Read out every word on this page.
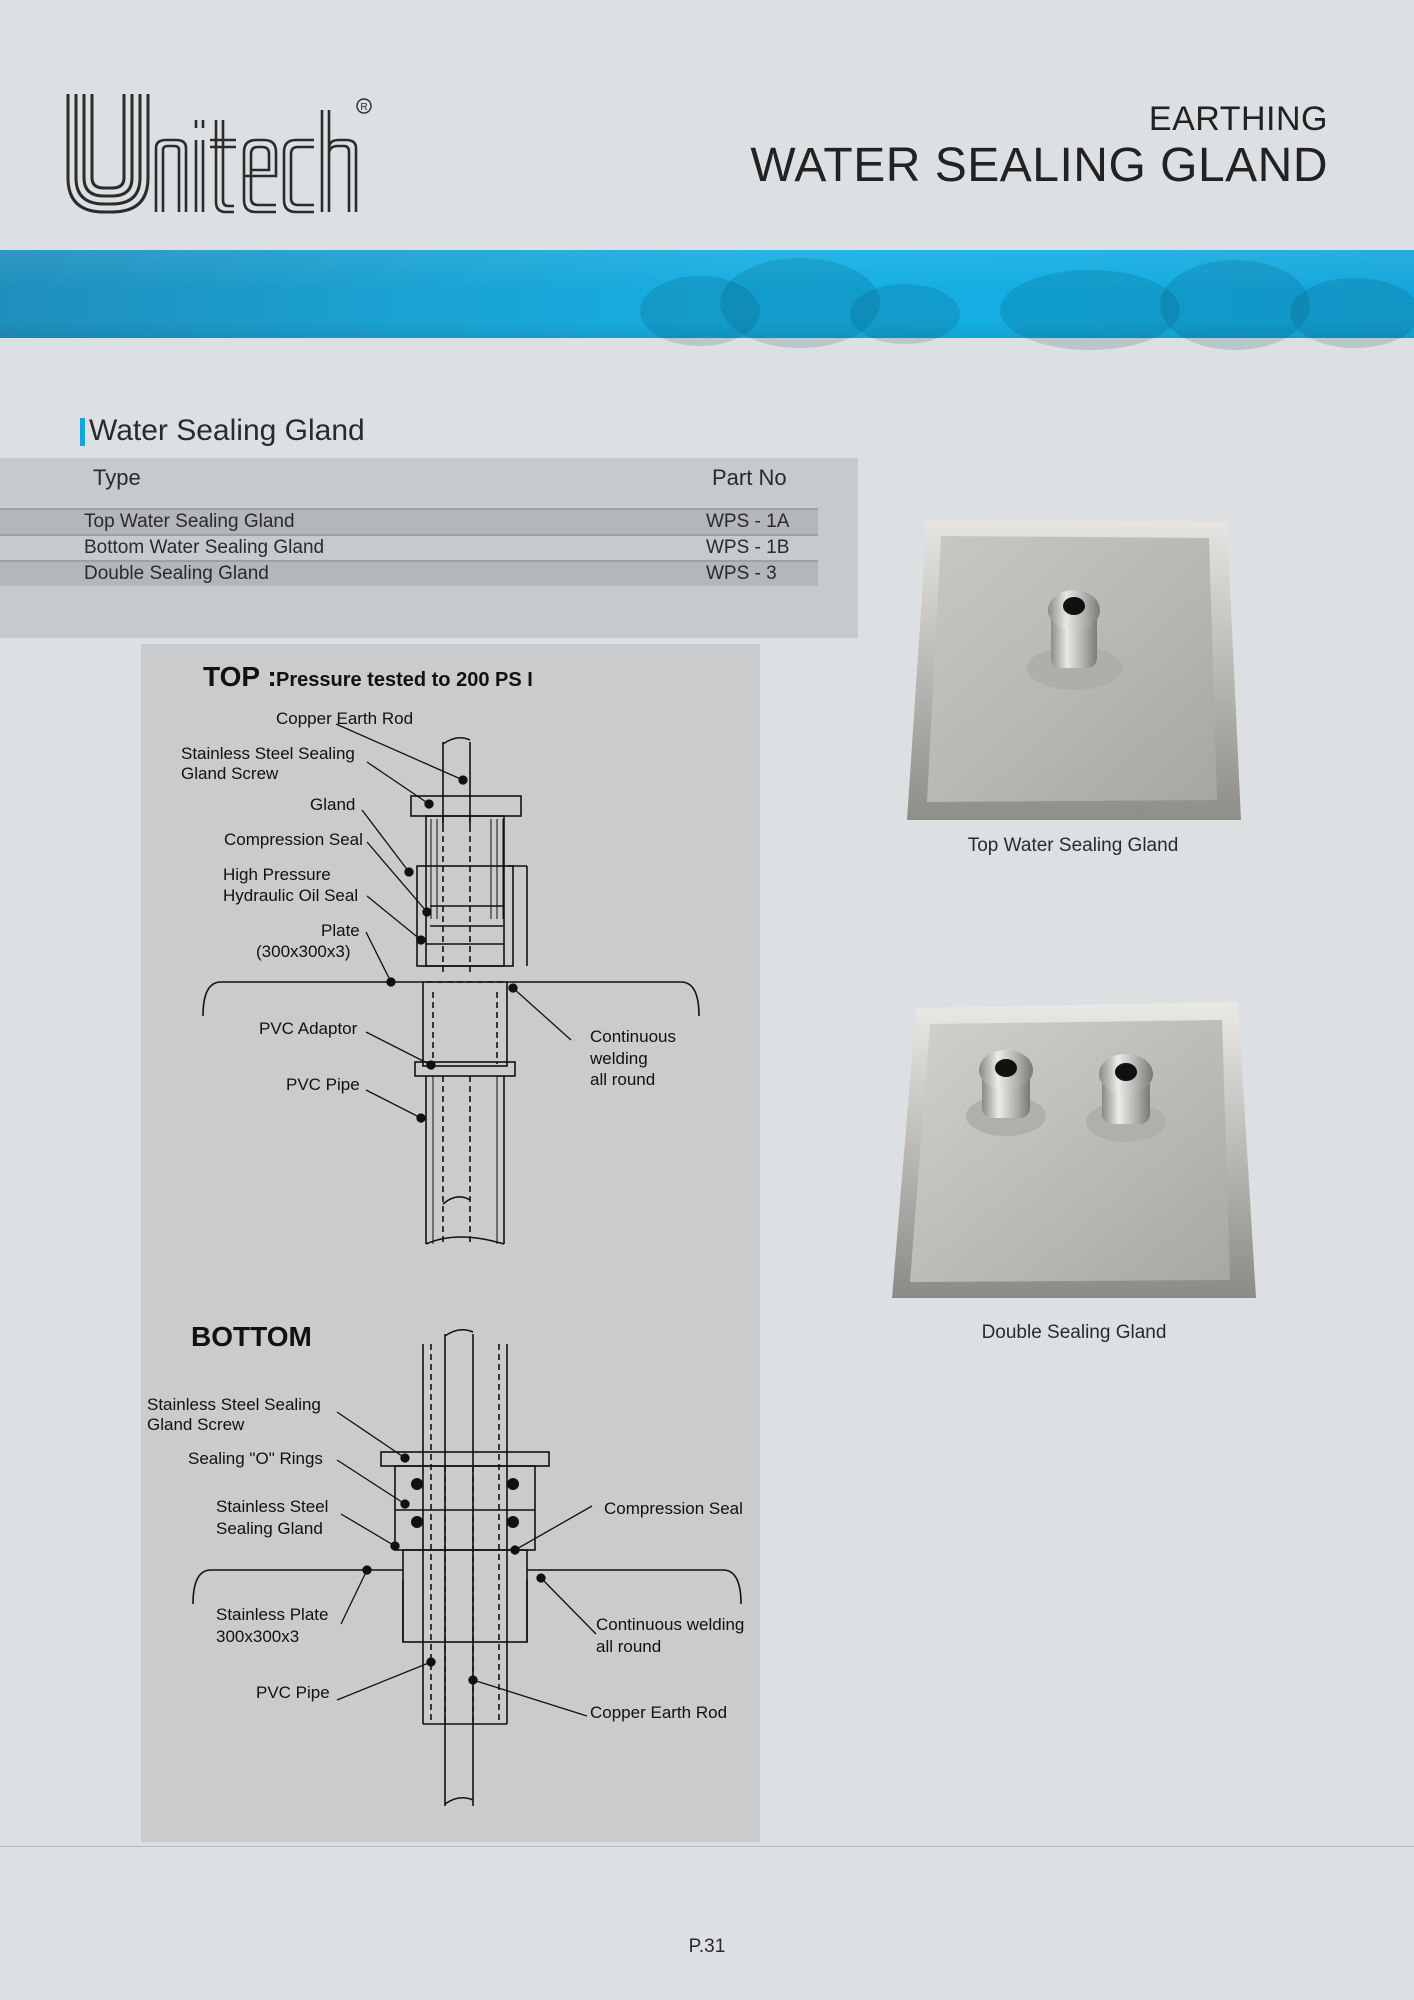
R	EARTHING
WATER SEALING GLAND
Water Sealing Gland
Type	Part No
Top Water Sealing Gland	WPS - 1A
Bottom Water Sealing Gland	WPS - 1B
Double Sealing Gland	WPS - 3
TOP : Pressure tested to 200 PS I
Copper Earth Rod
Stainless Steel Sealing
Gland Screw
Gland
Compression Seal
High Pressure
Hydraulic Oil Seal
Plate
(300x300x3)
PVC Adaptor
PVC Pipe
Continuous
welding
all round
BOTTOM
Stainless Steel Sealing
Gland Screw
Sealing "O" Rings
Stainless Steel
Sealing Gland
Stainless Plate
300x300x3
PVC Pipe
Compression Seal
Continuous welding
all round
Copper Earth Rod
Top Water Sealing Gland
Double Sealing Gland
P.31
